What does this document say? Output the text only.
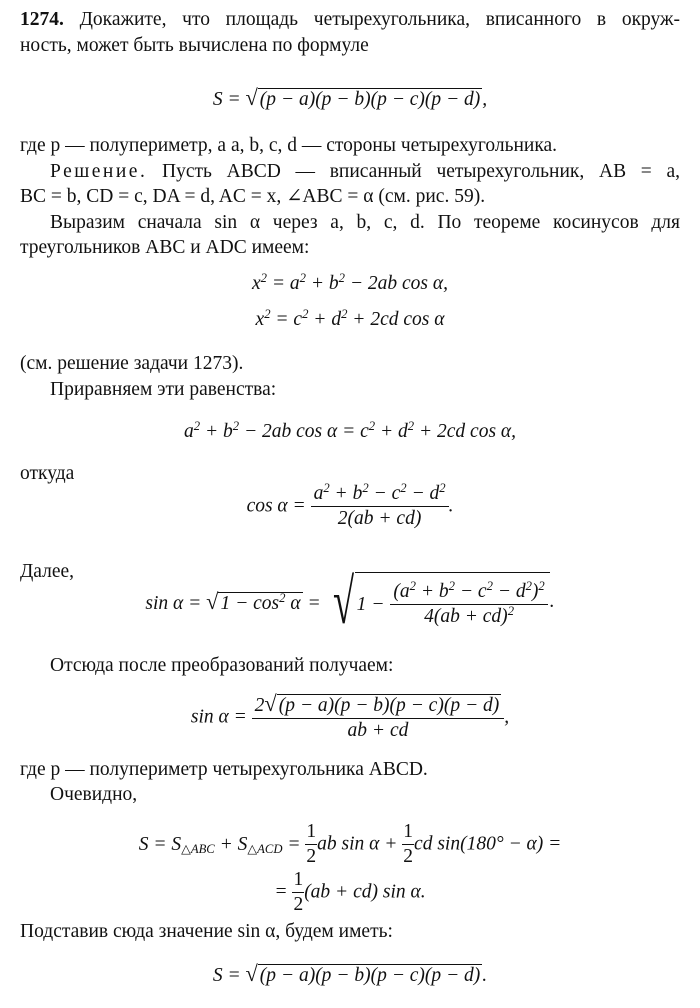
1274. Докажите, что площадь четырехугольника, вписанного в окруж-
ность, может быть вычислена по формуле
S = √ (p − a)(p − b)(p − c)(p − d) ,
где p — полупериметр, а a, b, c, d — стороны четырехугольника.
Решение. Пусть ABCD — вписанный четырехугольник, AB = a,
BC = b, CD = c, DA = d, AC = x, ∠ABC = α (см. рис. 59).
Выразим сначала sin α через a, b, c, d. По теореме косинусов для
треугольников ABC и ADC имеем:
$x^2 = a^2 + b^2 - 2ab$ cos α,
$x^2 = c^2 + d^2 + 2cd$ cos α
(см. решение задачи 1273).
Приравняем эти равенства:
$a^2 + b^2 - 2ab$ $\cos \alpha = c^2 + d^2 + 2cd$ cos α,
откуда
$\cos \alpha = \frac{a^2 + b^2 - c^2 - d^2}{2(ab + cd)}$ .
Далее,
sin α = √ $1 - \cos^2 \alpha$ = √ $1 - \frac{(a^2 + b^2 - c^2 - d^2)^2}{4(ab + cd)^2}$ .
Отсюда после преобразований получаем:
$\sin \alpha = \frac{2√ (p - a)(p - b)(p - c)(p - d)}{ab + cd}$ ,
где p — полупериметр четырехугольника ABCD.
Очевидно,
$S = S_{\triangle ABC} + S_{\triangle ACD} = \frac{1}{2}$ ab $\sin \alpha + \frac{1}{2}$ cd sin(180° − α) =
= $\frac{1}{2} (ab + cd)$ sin α.
Подставив сюда значение sin α, будем иметь:
S = √ (p − a)(p − b)(p − c)(p − d) .
